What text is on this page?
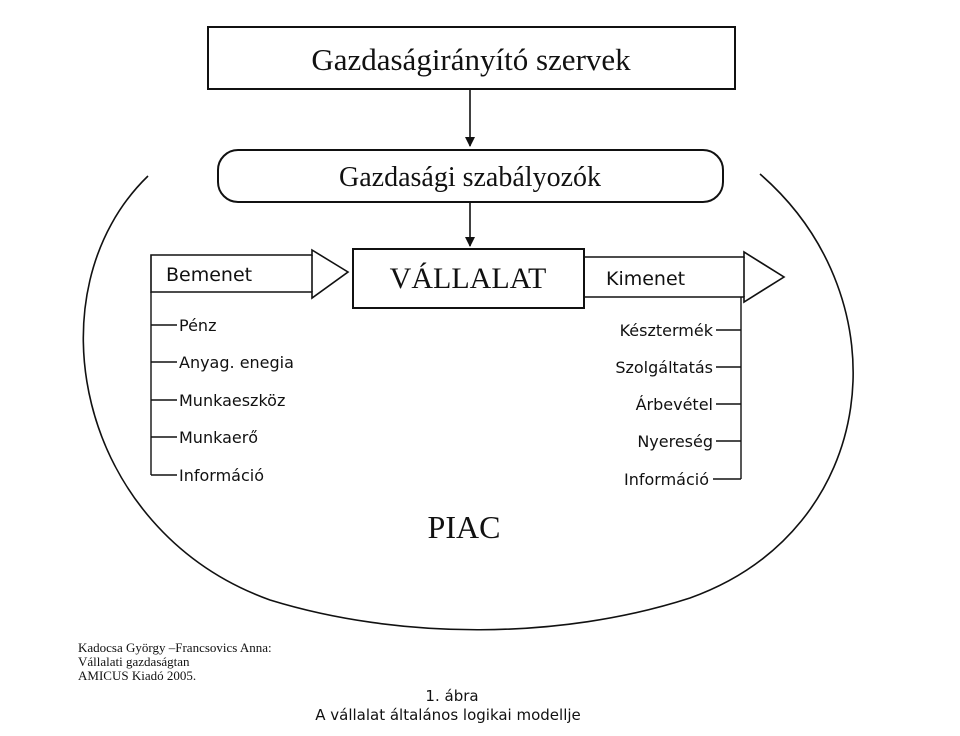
Gazdaságirányító szervek
Gazdasági szabályozók
Bemenet	VÁLLALAT	Kimenet
Pénz
Anyag. enegia
Munkaeszköz
Munkaerő
Információ
Késztermék
Szolgáltatás
Árbevétel
Nyereség
Információ
PIAC
Kadocsa György –Francsovics Anna:
Vállalati gazdaságtan
AMICUS Kiadó 2005.
1. ábra
A vállalat általános logikai modellje
